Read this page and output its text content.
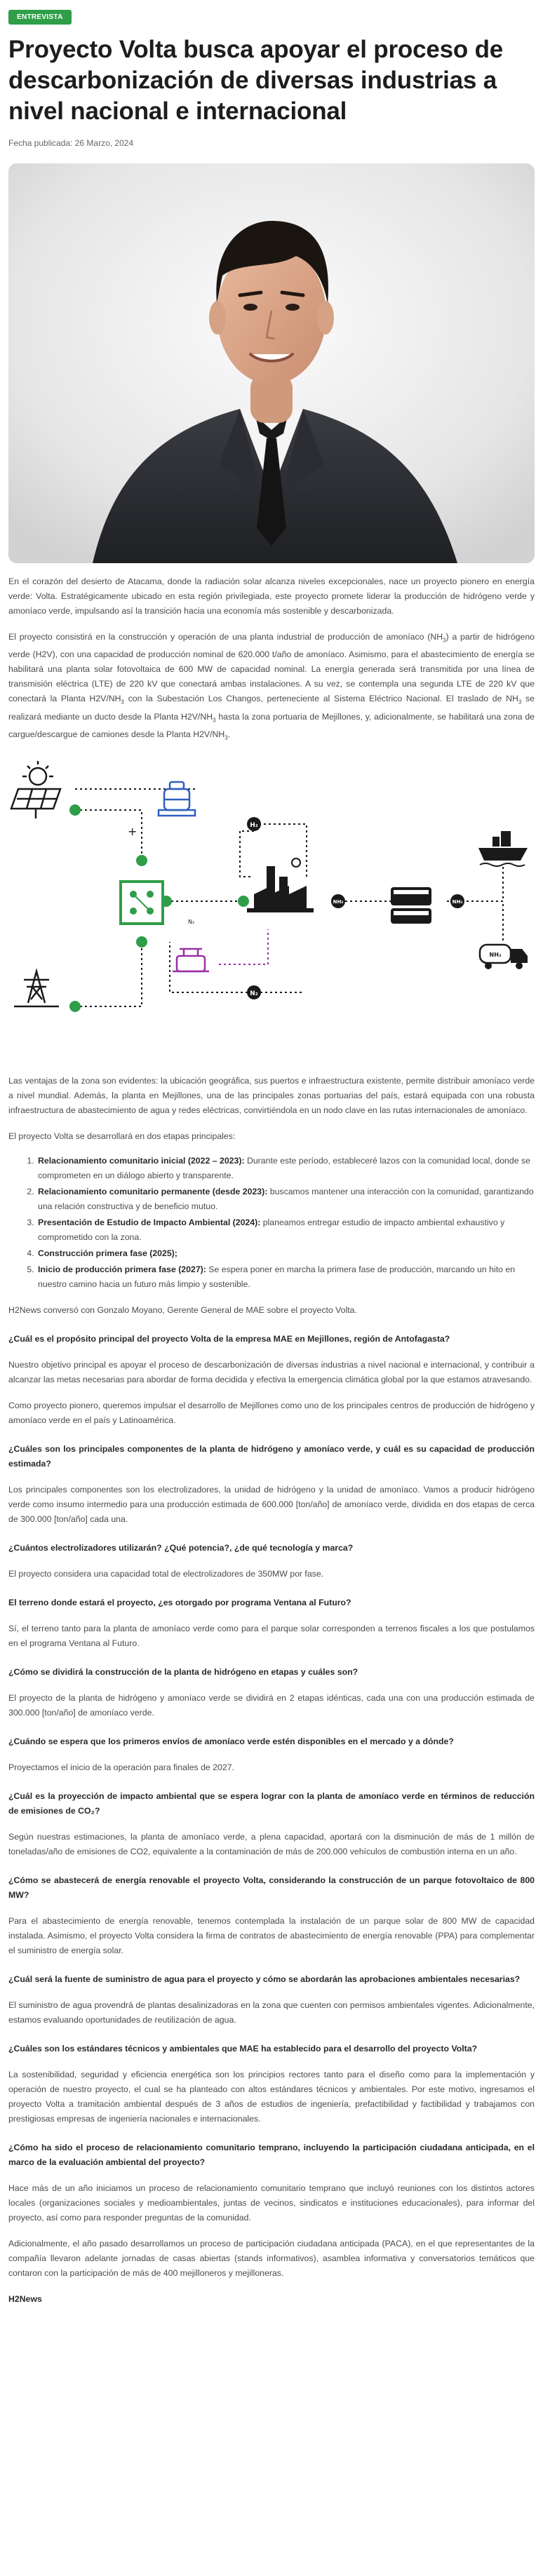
ENTREVISTA
Proyecto Volta busca apoyar el proceso de descarbonización de diversas industrias a nivel nacional e internacional
Fecha publicada: 26 Marzo, 2024

En el corazón del desierto de Atacama, donde la radiación solar alcanza niveles excepcionales, nace un proyecto pionero en energía verde: Volta. Estratégicamente ubicado en esta región privilegiada, este proyecto promete liderar la producción de hidrógeno verde y amoníaco verde, impulsando así la transición hacia una economía más sostenible y descarbonizada.

El proyecto consistirá en la construcción y operación de una planta industrial de producción de amoníaco $(NH_3)$ a partir de hidrógeno verde (H2V), con una capacidad de producción nominal de 620.000 t/año de amoníaco. Asimismo, para el abastecimiento de energía se habilitará una planta solar fotovoltaica de 600 MW de capacidad nominal. La energía generada será transmitida por una línea de transmisión eléctrica (LTE) de 220 kV que conectará ambas instalaciones. A su vez, se contempla una segunda LTE de 220 kV que conectará la Planta $H2V/NH_3$ con la Subestación Los Changos, perteneciente al Sistema Eléctrico Nacional. El traslado de $NH_3$ se realizará mediante un ducto desde la Planta $H2V/NH_3$ hasta la zona portuaria de Mejillones, y, adicionalmente, se habilitará una zona de cargue/descargue de camiones desde la Planta $H2V/NH_3$.

+	H₂
N₂
NH₃	NH₃
NH₃
N₂

Las ventajas de la zona son evidentes: la ubicación geográfica, sus puertos e infraestructura existente, permite distribuir amoníaco verde a nivel mundial. Además, la planta en Mejillones, una de las principales zonas portuarias del país, estará equipada con una robusta infraestructura de abastecimiento de agua y redes eléctricas, convirtiéndola en un nodo clave en las rutas internacionales de amoníaco.

El proyecto Volta se desarrollará en dos etapas principales:

1. Relacionamiento comunitario inicial (2022 – 2023): Durante este período, estableceré lazos con la comunidad local, donde se comprometen en un diálogo abierto y transparente.
2. Relacionamiento comunitario permanente (desde 2023): buscamos mantener una interacción con la comunidad, garantizando una relación constructiva y de beneficio mutuo.
3. Presentación de Estudio de Impacto Ambiental (2024): planeamos entregar estudio de impacto ambiental exhaustivo y comprometido con la zona.
4. Construcción primera fase (2025);
5. Inicio de producción primera fase (2027): Se espera poner en marcha la primera fase de producción, marcando un hito en nuestro camino hacia un futuro más limpio y sostenible.

H2News conversó con Gonzalo Moyano, Gerente General de MAE sobre el proyecto Volta.

¿Cuál es el propósito principal del proyecto Volta de la empresa MAE en Mejillones, región de Antofagasta?

Nuestro objetivo principal es apoyar el proceso de descarbonización de diversas industrias a nivel nacional e internacional, y contribuir a alcanzar las metas necesarias para abordar de forma decidida y efectiva la emergencia climática global por la que estamos atravesando.

Como proyecto pionero, queremos impulsar el desarrollo de Mejillones como uno de los principales centros de producción de hidrógeno y amoníaco verde en el país y Latinoamérica.

¿Cuáles son los principales componentes de la planta de hidrógeno y amoníaco verde, y cuál es su capacidad de producción estimada?

Los principales componentes son los electrolizadores, la unidad de hidrógeno y la unidad de amoníaco. Vamos a producir hidrógeno verde como insumo intermedio para una producción estimada de 600.000 [ton/año] de amoníaco verde, dividida en dos etapas de cerca de 300.000 [ton/año] cada una.

¿Cuántos electrolizadores utilizarán? ¿Qué potencia?, ¿de qué tecnología y marca?

El proyecto considera una capacidad total de electrolizadores de 350MW por fase.

El terreno donde estará el proyecto, ¿es otorgado por programa Ventana al Futuro?

Sí, el terreno tanto para la planta de amoníaco verde como para el parque solar corresponden a terrenos fiscales a los que postulamos en el programa Ventana al Futuro.

¿Cómo se dividirá la construcción de la planta de hidrógeno en etapas y cuáles son?

El proyecto de la planta de hidrógeno y amoníaco verde se dividirá en 2 etapas idénticas, cada una con una producción estimada de 300.000 [ton/año] de amoníaco verde.

¿Cuándo se espera que los primeros envíos de amoníaco verde estén disponibles en el mercado y a dónde?

Proyectamos el inicio de la operación para finales de 2027.

¿Cuál es la proyección de impacto ambiental que se espera lograr con la planta de amoníaco verde en términos de reducción de emisiones de CO₂?

Según nuestras estimaciones, la planta de amoníaco verde, a plena capacidad, aportará con la disminución de más de 1 millón de toneladas/año de emisiones de CO2, equivalente a la contaminación de más de 200.000 vehículos de combustión interna en un año.

¿Cómo se abastecerá de energía renovable el proyecto Volta, considerando la construcción de un parque fotovoltaico de 800 MW?

Para el abastecimiento de energía renovable, tenemos contemplada la instalación de un parque solar de 800 MW de capacidad instalada. Asimismo, el proyecto Volta considera la firma de contratos de abastecimiento de energía renovable (PPA) para complementar el suministro de energía solar.

¿Cuál será la fuente de suministro de agua para el proyecto y cómo se abordarán las aprobaciones ambientales necesarias?

El suministro de agua provendrá de plantas desalinizadoras en la zona que cuenten con permisos ambientales vigentes. Adicionalmente, estamos evaluando oportunidades de reutilización de agua.

¿Cuáles son los estándares técnicos y ambientales que MAE ha establecido para el desarrollo del proyecto Volta?

La sostenibilidad, seguridad y eficiencia energética son los principios rectores tanto para el diseño como para la implementación y operación de nuestro proyecto, el cual se ha planteado con altos estándares técnicos y ambientales. Por este motivo, ingresamos el proyecto Volta a tramitación ambiental después de 3 años de estudios de ingeniería, prefactibilidad y factibilidad y trabajamos con prestigiosas empresas de ingeniería nacionales e internacionales.

¿Cómo ha sido el proceso de relacionamiento comunitario temprano, incluyendo la participación ciudadana anticipada, en el marco de la evaluación ambiental del proyecto?

Hace más de un año iniciamos un proceso de relacionamiento comunitario temprano que incluyó reuniones con los distintos actores locales (organizaciones sociales y medioambientales, juntas de vecinos, sindicatos e instituciones educacionales), para informar del proyecto, así como para responder preguntas de la comunidad.

Adicionalmente, el año pasado desarrollamos un proceso de participación ciudadana anticipada (PACA), en el que representantes de la compañía llevaron adelante jornadas de casas abiertas (stands informativos), asamblea informativa y conversatorios temáticos que contaron con la participación de más de 400 mejilloneros y mejilloneras.

H2News
